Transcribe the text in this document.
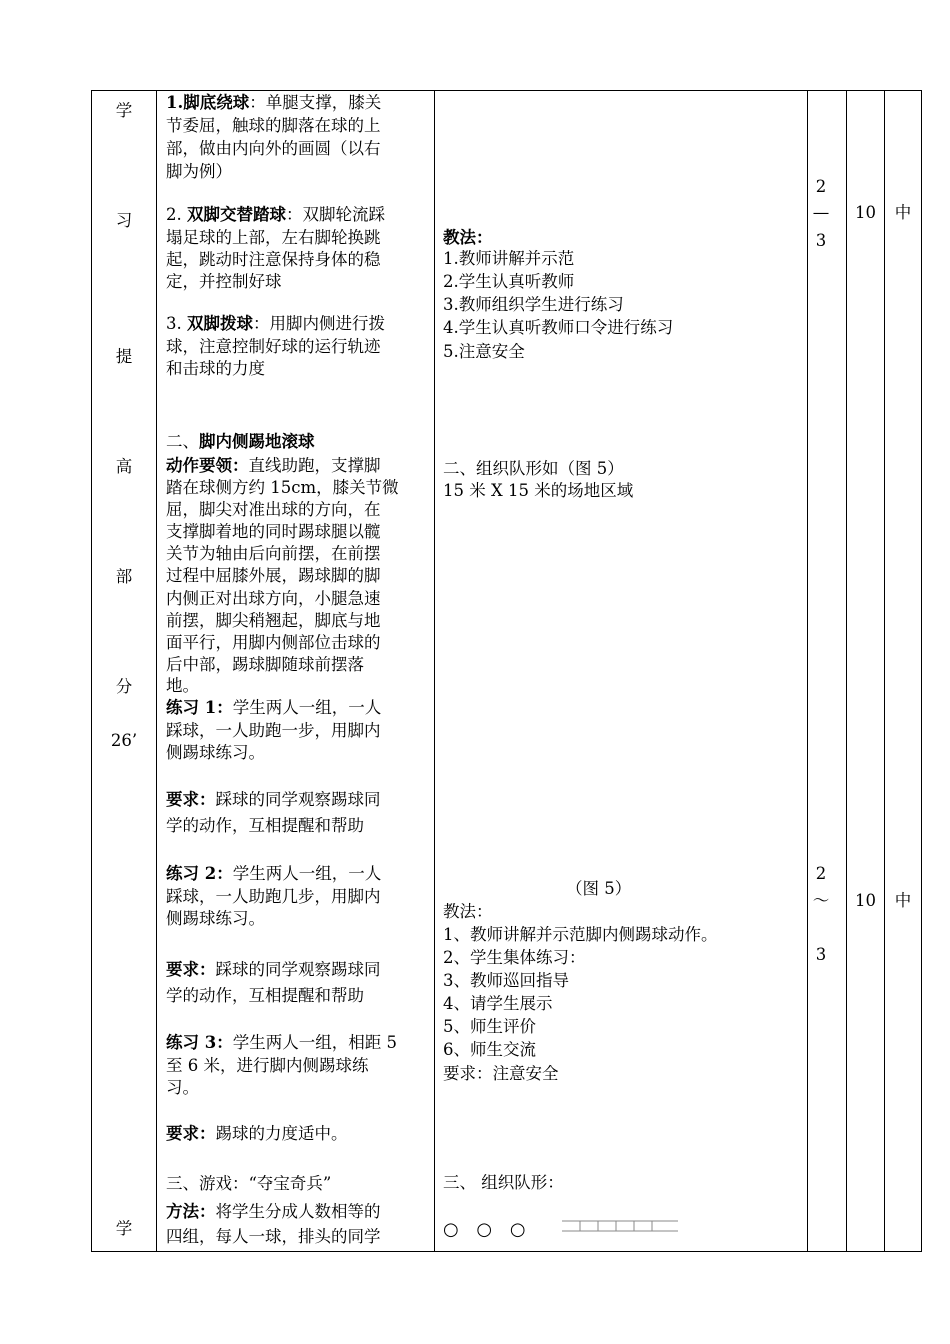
学
习
提
高
部
分
26’
学
1.脚底绕球：单腿支撑，膝关
节委屈，触球的脚落在球的上
部，做由内向外的画圆（以右
脚为例）
2. 双脚交替踏球：双脚轮流踩
塌足球的上部，左右脚轮换跳
起，跳动时注意保持身体的稳
定，并控制好球
3. 双脚拨球：用脚内侧进行拨
球，注意控制好球的运行轨迹
和击球的力度
二、脚内侧踢地滚球
动作要领：直线助跑，支撑脚
踏在球侧方约 15cm，膝关节微
屈，脚尖对准出球的方向，在
支撑脚着地的同时踢球腿以髋
关节为轴由后向前摆，在前摆
过程中屈膝外展，踢球脚的脚
内侧正对出球方向，小腿急速
前摆，脚尖稍翘起，脚底与地
面平行，用脚内侧部位击球的
后中部，踢球脚随球前摆落
地。
练习 1：学生两人一组，一人
踩球，一人助跑一步，用脚内
侧踢球练习。
要求：踩球的同学观察踢球同
学的动作，互相提醒和帮助
练习 2：学生两人一组，一人
踩球，一人助跑几步，用脚内
侧踢球练习。
要求：踩球的同学观察踢球同
学的动作，互相提醒和帮助
练习 3：学生两人一组，相距 5
至 6 米，进行脚内侧踢球练
习。
要求：踢球的力度适中。
三、游戏：“夺宝奇兵”
方法：将学生分成人数相等的
四组，每人一球，排头的同学
教法：
1.教师讲解并示范
2.学生认真听教师
3.教师组织学生进行练习
4.学生认真听教师口令进行练习
5.注意安全
二、组织队形如（图 5）
15 米 X 15 米的场地区域
（图 5）
教法：
1、教师讲解并示范脚内侧踢球动作。
2、学生集体练习：
3、教师巡回指导
4、请学生展示
5、师生评价
6、师生交流
要求：注意安全
三、 组织队形：
○ ○ ○
2
—
3
10	中
2
～
3
10	中
